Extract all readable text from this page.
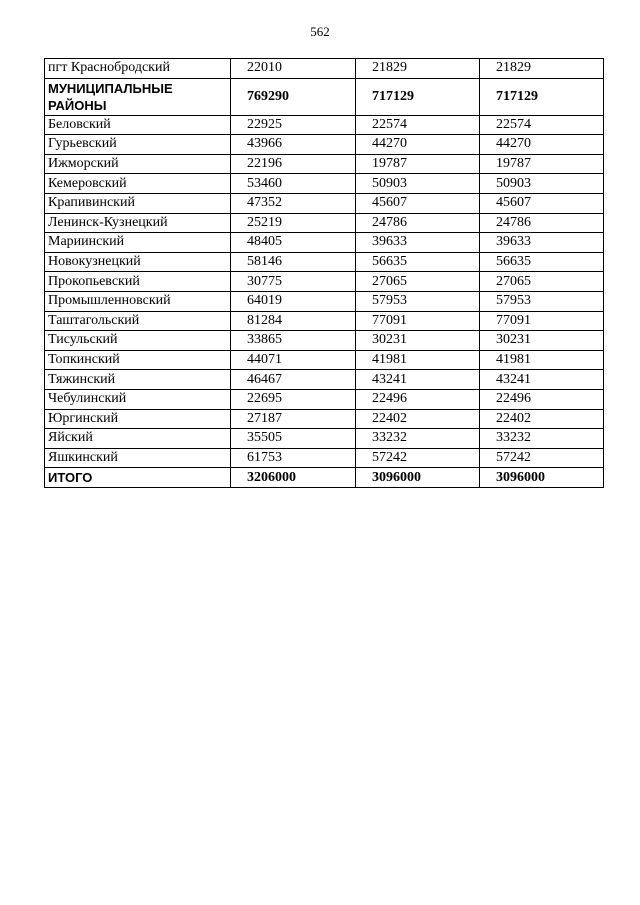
562
пгт Краснобродский	22010	21829	21829
МУНИЦИПАЛЬНЫЕ РАЙОНЫ	769290	717129	717129
Беловский	22925	22574	22574
Гурьевский	43966	44270	44270
Ижморский	22196	19787	19787
Кемеровский	53460	50903	50903
Крапивинский	47352	45607	45607
Ленинск-Кузнецкий	25219	24786	24786
Мариинский	48405	39633	39633
Новокузнецкий	58146	56635	56635
Прокопьевский	30775	27065	27065
Промышленновский	64019	57953	57953
Таштагольский	81284	77091	77091
Тисульский	33865	30231	30231
Топкинский	44071	41981	41981
Тяжинский	46467	43241	43241
Чебулинский	22695	22496	22496
Юргинский	27187	22402	22402
Яйский	35505	33232	33232
Яшкинский	61753	57242	57242
ИТОГО	3206000	3096000	3096000
